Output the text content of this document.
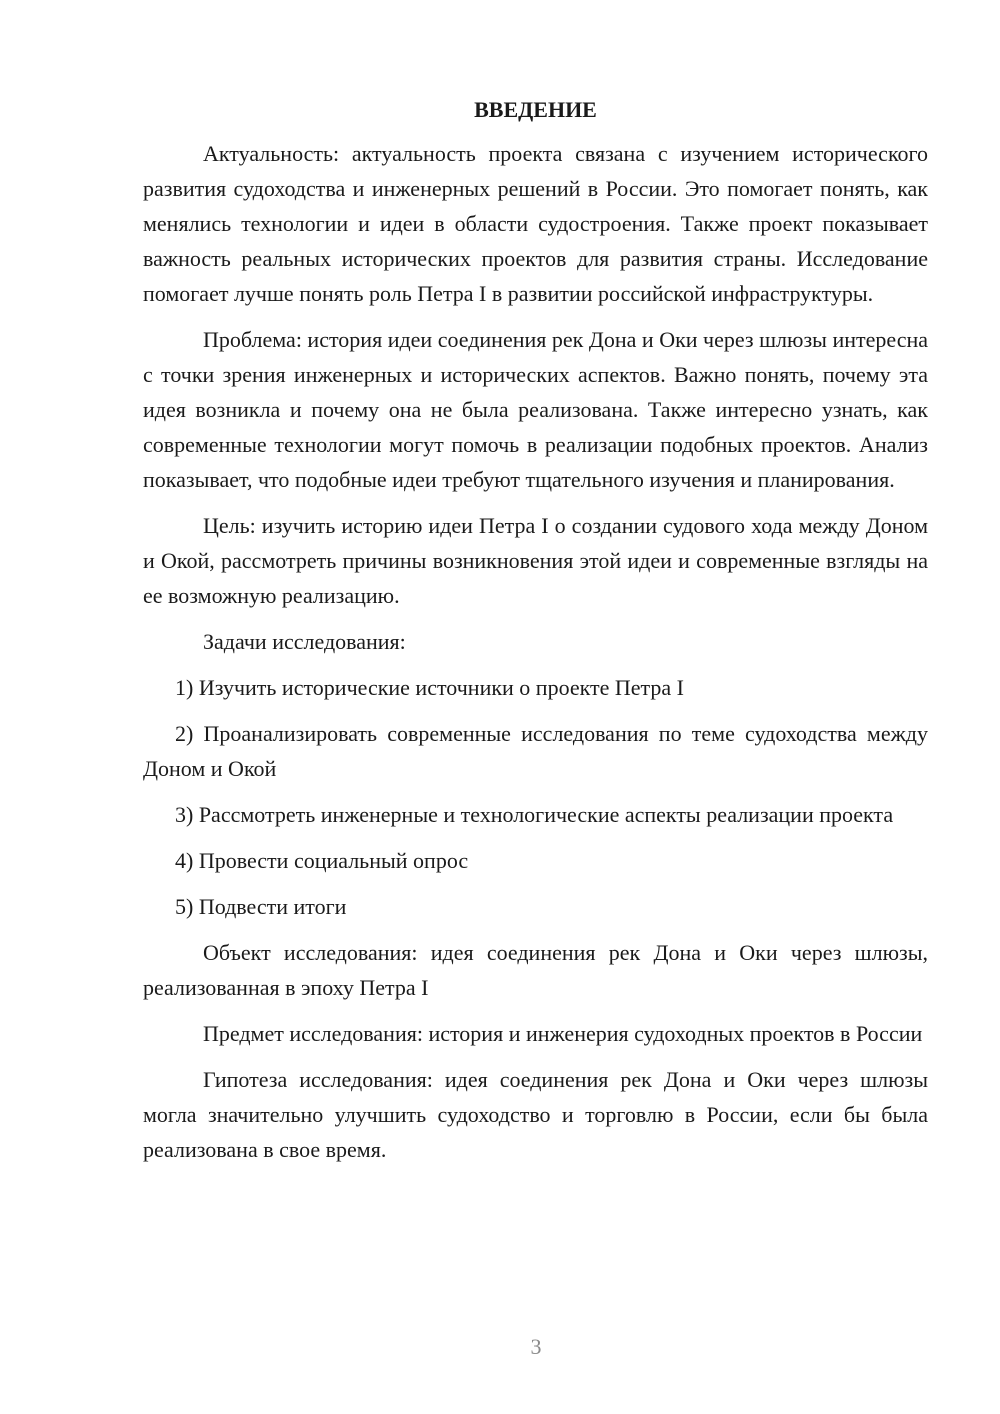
ВВЕДЕНИЕ

Актуальность: актуальность проекта связана с изучением исторического развития судоходства и инженерных решений в России. Это помогает понять, как менялись технологии и идеи в области судостроения. Также проект показывает важность реальных исторических проектов для развития страны. Исследование помогает лучше понять роль Петра I в развитии российской инфраструктуры.

Проблема: история идеи соединения рек Дона и Оки через шлюзы интересна с точки зрения инженерных и исторических аспектов. Важно понять, почему эта идея возникла и почему она не была реализована. Также интересно узнать, как современные технологии могут помочь в реализации подобных проектов. Анализ показывает, что подобные идеи требуют тщательного изучения и планирования.

Цель: изучить историю идеи Петра I о создании судового хода между Доном и Окой, рассмотреть причины возникновения этой идеи и современные взгляды на ее возможную реализацию.

Задачи исследования:

1) Изучить исторические источники о проекте Петра I

2) Проанализировать современные исследования по теме судоходства между Доном и Окой

3) Рассмотреть инженерные и технологические аспекты реализации проекта

4) Провести социальный опрос

5) Подвести итоги

Объект исследования: идея соединения рек Дона и Оки через шлюзы, реализованная в эпоху Петра I

Предмет исследования: история и инженерия судоходных проектов в России

Гипотеза исследования: идея соединения рек Дона и Оки через шлюзы могла значительно улучшить судоходство и торговлю в России, если бы была реализована в свое время.

3
